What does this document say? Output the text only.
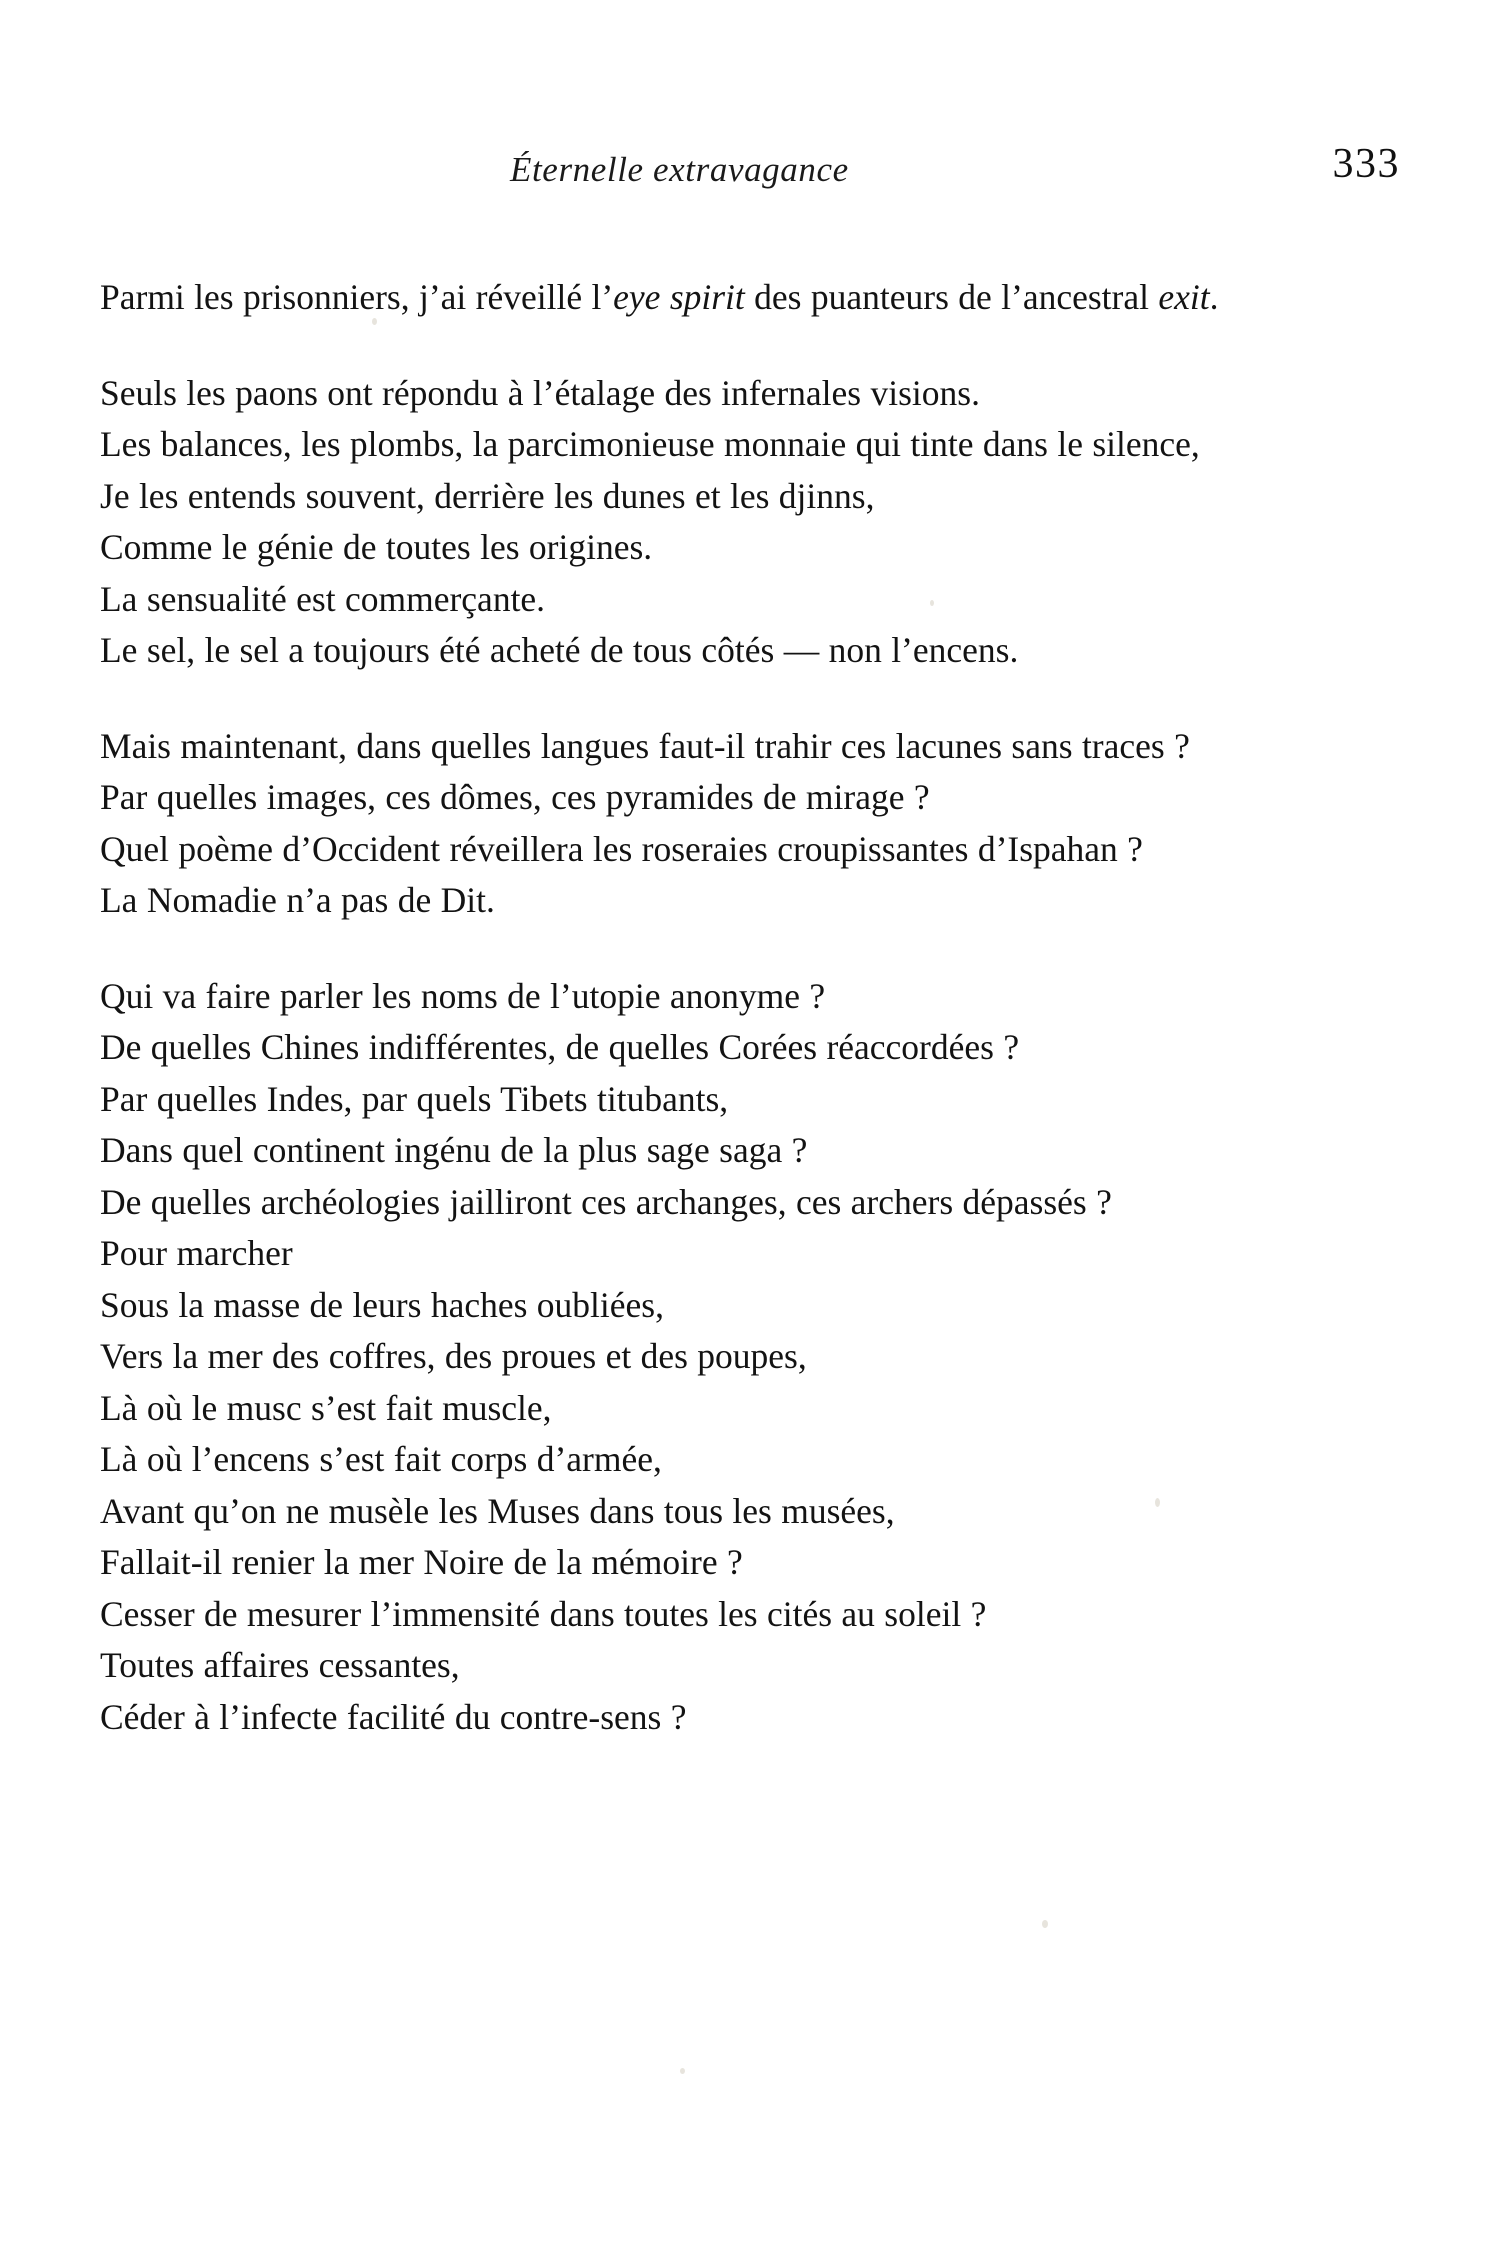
Éternelle extravagance	333
Parmi les prisonniers, j’ai réveillé l’eye spirit des puanteurs de l’ancestral exit.
Seuls les paons ont répondu à l’étalage des infernales visions.
Les balances, les plombs, la parcimonieuse monnaie qui tinte dans le silence,
Je les entends souvent, derrière les dunes et les djinns,
Comme le génie de toutes les origines.
La sensualité est commerçante.
Le sel, le sel a toujours été acheté de tous côtés — non l’encens.
Mais maintenant, dans quelles langues faut-il trahir ces lacunes sans traces ?
Par quelles images, ces dômes, ces pyramides de mirage ?
Quel poème d’Occident réveillera les roseraies croupissantes d’Ispahan ?
La Nomadie n’a pas de Dit.
Qui va faire parler les noms de l’utopie anonyme ?
De quelles Chines indifférentes, de quelles Corées réaccordées ?
Par quelles Indes, par quels Tibets titubants,
Dans quel continent ingénu de la plus sage saga ?
De quelles archéologies jailliront ces archanges, ces archers dépassés ?
Pour marcher
Sous la masse de leurs haches oubliées,
Vers la mer des coffres, des proues et des poupes,
Là où le musc s’est fait muscle,
Là où l’encens s’est fait corps d’armée,
Avant qu’on ne musèle les Muses dans tous les musées,
Fallait-il renier la mer Noire de la mémoire ?
Cesser de mesurer l’immensité dans toutes les cités au soleil ?
Toutes affaires cessantes,
Céder à l’infecte facilité du contre-sens ?
